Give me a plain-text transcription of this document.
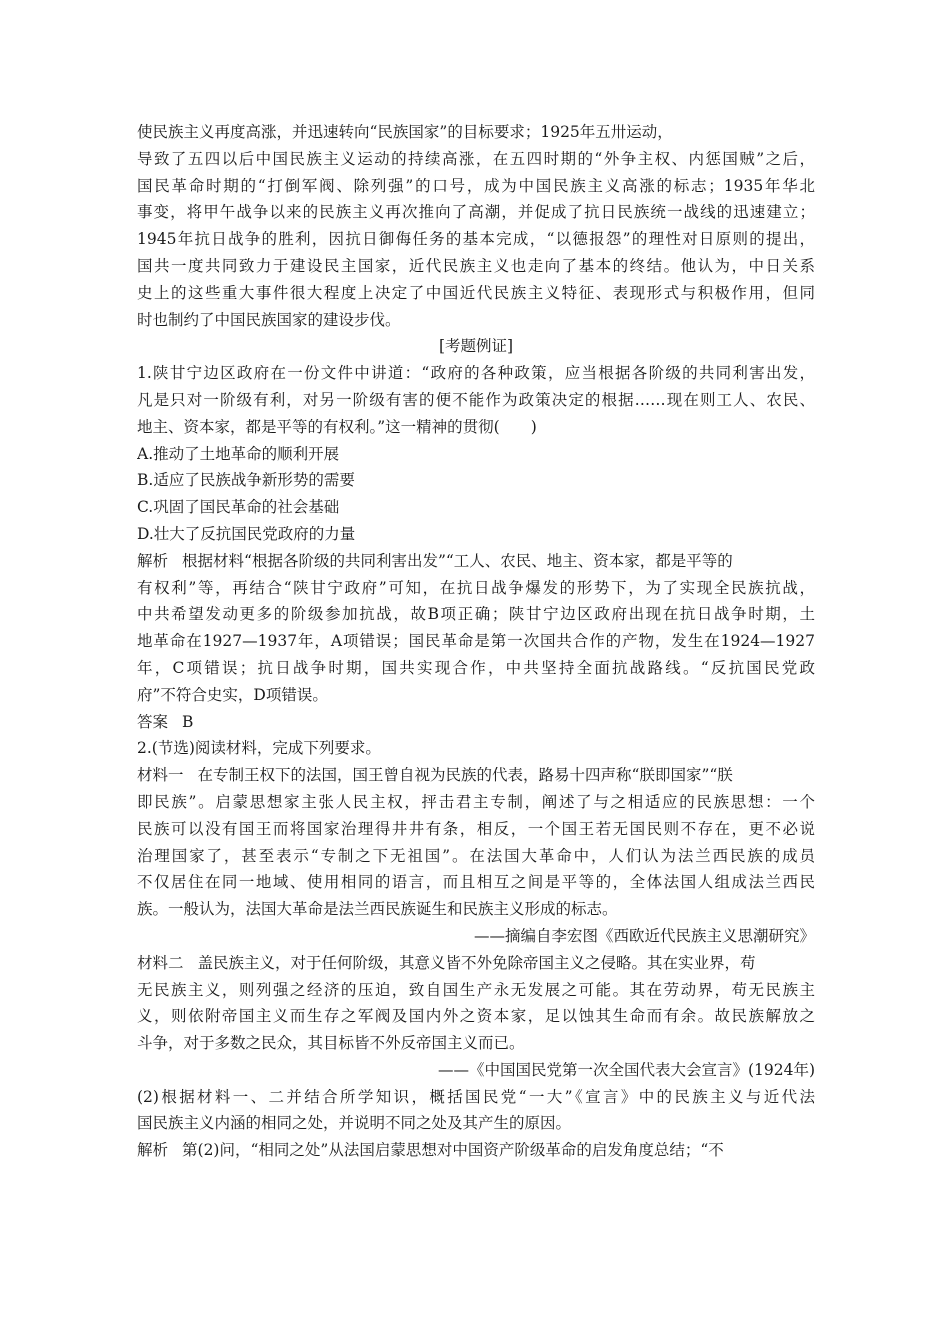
使民族主义再度高涨，并迅速转向“民族国家”的目标要求；1925年五卅运动，
导致了五四以后中国民族主义运动的持续高涨，在五四时期的“外争主权、内惩国贼”之后，
国民革命时期的“打倒军阀、除列强”的口号，成为中国民族主义高涨的标志；1935年华北
事变，将甲午战争以来的民族主义再次推向了高潮，并促成了抗日民族统一战线的迅速建立；
1945年抗日战争的胜利，因抗日御侮任务的基本完成，“以德报怨”的理性对日原则的提出，
国共一度共同致力于建设民主国家，近代民族主义也走向了基本的终结。他认为，中日关系
史上的这些重大事件很大程度上决定了中国近代民族主义特征、表现形式与积极作用，但同
时也制约了中国民族国家的建设步伐。
[考题例证]
1.陕甘宁边区政府在一份文件中讲道：“政府的各种政策，应当根据各阶级的共同利害出发，
凡是只对一阶级有利，对另一阶级有害的便不能作为政策决定的根据……现在则工人、农民、
地主、资本家，都是平等的有权利。”这一精神的贯彻(　　)
A.推动了土地革命的顺利开展
B.适应了民族战争新形势的需要
C.巩固了国民革命的社会基础
D.壮大了反抗国民党政府的力量
解析 根据材料“根据各阶级的共同利害出发”“工人、农民、地主、资本家，都是平等的
有权利”等，再结合“陕甘宁政府”可知，在抗日战争爆发的形势下，为了实现全民族抗战，
中共希望发动更多的阶级参加抗战，故B项正确；陕甘宁边区政府出现在抗日战争时期，土
地革命在1927—1937年，A项错误；国民革命是第一次国共合作的产物，发生在1924—1927
年，C项错误；抗日战争时期，国共实现合作，中共坚持全面抗战路线。“反抗国民党政
府”不符合史实，D项错误。
答案 B
2.(节选)阅读材料，完成下列要求。
材料一 在专制王权下的法国，国王曾自视为民族的代表，路易十四声称“朕即国家”“朕
即民族”。启蒙思想家主张人民主权，抨击君主专制，阐述了与之相适应的民族思想：一个
民族可以没有国王而将国家治理得井井有条，相反，一个国王若无国民则不存在，更不必说
治理国家了，甚至表示“专制之下无祖国”。在法国大革命中，人们认为法兰西民族的成员
不仅居住在同一地域、使用相同的语言，而且相互之间是平等的，全体法国人组成法兰西民
族。一般认为，法国大革命是法兰西民族诞生和民族主义形成的标志。
——摘编自李宏图《西欧近代民族主义思潮研究》
材料二 盖民族主义，对于任何阶级，其意义皆不外免除帝国主义之侵略。其在实业界，苟
无民族主义，则列强之经济的压迫，致自国生产永无发展之可能。其在劳动界，苟无民族主
义，则依附帝国主义而生存之军阀及国内外之资本家，足以蚀其生命而有余。故民族解放之
斗争，对于多数之民众，其目标皆不外反帝国主义而已。
——《中国国民党第一次全国代表大会宣言》(1924年)
(2)根据材料一、二并结合所学知识，概括国民党“一大”《宣言》中的民族主义与近代法
国民族主义内涵的相同之处，并说明不同之处及其产生的原因。
解析 第(2)问，“相同之处”从法国启蒙思想对中国资产阶级革命的启发角度总结；“不
